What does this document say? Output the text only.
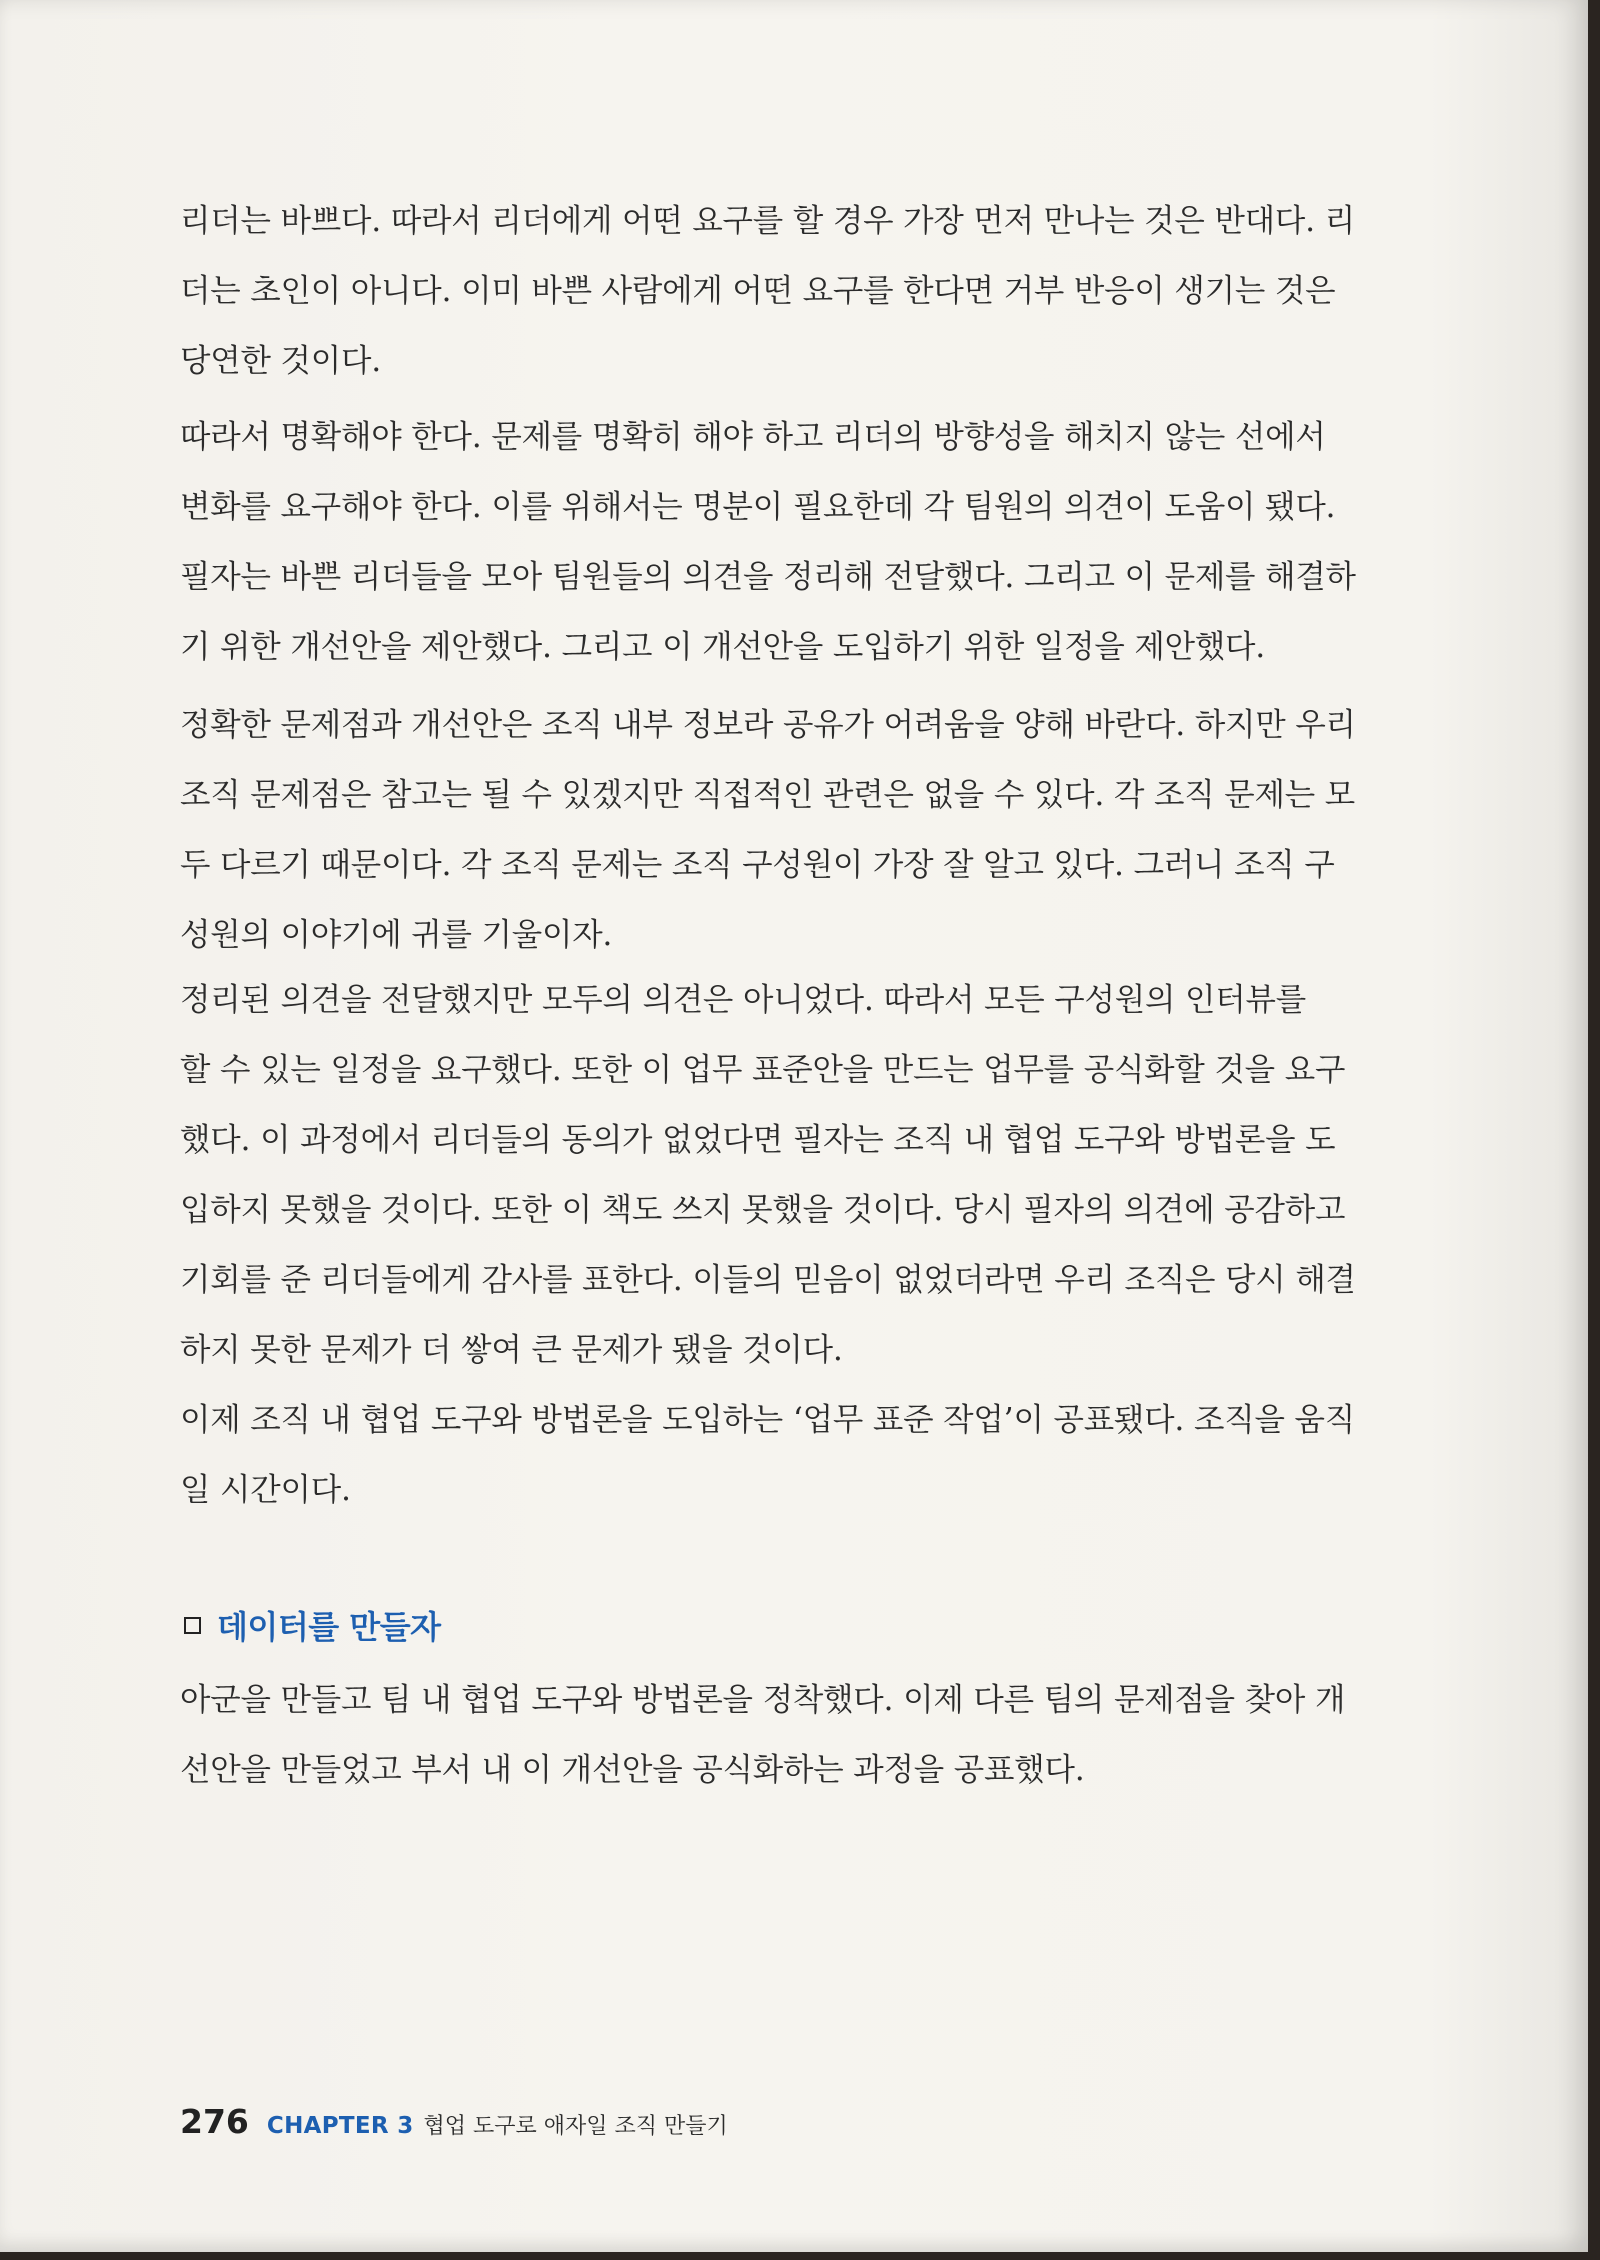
리더는 바쁘다. 따라서 리더에게 어떤 요구를 할 경우 가장 먼저 만나는 것은 반대다. 리
더는 초인이 아니다. 이미 바쁜 사람에게 어떤 요구를 한다면 거부 반응이 생기는 것은
당연한 것이다.

따라서 명확해야 한다. 문제를 명확히 해야 하고 리더의 방향성을 해치지 않는 선에서
변화를 요구해야 한다. 이를 위해서는 명분이 필요한데 각 팀원의 의견이 도움이 됐다.
필자는 바쁜 리더들을 모아 팀원들의 의견을 정리해 전달했다. 그리고 이 문제를 해결하
기 위한 개선안을 제안했다. 그리고 이 개선안을 도입하기 위한 일정을 제안했다.

정확한 문제점과 개선안은 조직 내부 정보라 공유가 어려움을 양해 바란다. 하지만 우리
조직 문제점은 참고는 될 수 있겠지만 직접적인 관련은 없을 수 있다. 각 조직 문제는 모
두 다르기 때문이다. 각 조직 문제는 조직 구성원이 가장 잘 알고 있다. 그러니 조직 구
성원의 이야기에 귀를 기울이자.

정리된 의견을 전달했지만 모두의 의견은 아니었다. 따라서 모든 구성원의 인터뷰를
할 수 있는 일정을 요구했다. 또한 이 업무 표준안을 만드는 업무를 공식화할 것을 요구
했다. 이 과정에서 리더들의 동의가 없었다면 필자는 조직 내 협업 도구와 방법론을 도
입하지 못했을 것이다. 또한 이 책도 쓰지 못했을 것이다. 당시 필자의 의견에 공감하고
기회를 준 리더들에게 감사를 표한다. 이들의 믿음이 없었더라면 우리 조직은 당시 해결
하지 못한 문제가 더 쌓여 큰 문제가 됐을 것이다.

이제 조직 내 협업 도구와 방법론을 도입하는 ‘업무 표준 작업’이 공표됐다. 조직을 움직
일 시간이다.

데이터를 만들자

아군을 만들고 팀 내 협업 도구와 방법론을 정착했다. 이제 다른 팀의 문제점을 찾아 개
선안을 만들었고 부서 내 이 개선안을 공식화하는 과정을 공표했다.

276 CHAPTER 3 협업 도구로 애자일 조직 만들기
